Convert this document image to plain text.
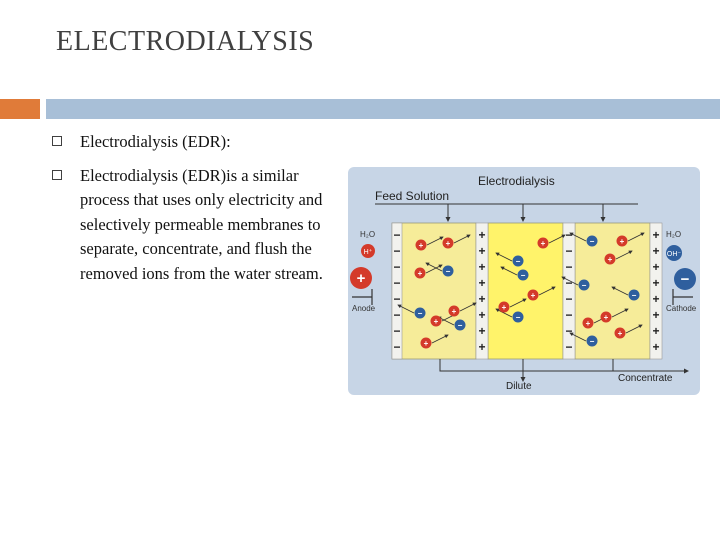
ELECTRODIALYSIS
Electrodialysis (EDR):
Electrodialysis (EDR)is a similar process that uses only electricity and selectively permeable membranes to separate, concentrate, and flush the removed ions from the water stream.
Electrodialysis
Feed Solution
−
−
−
−
−
−
−
−
+
+
+
+
+
+
+
+
−
−
−
−
−
−
−
−
+
+
+
+
+
+
+
+
H₂O
H⁺
+
Anode
H₂O
OH⁻
−
Cathode
+	+
−
+
−
+ −
+
+
+
−
−
+
+
−
−	+
+
−
−
+
+
−
+
Dilute
Concentrate
